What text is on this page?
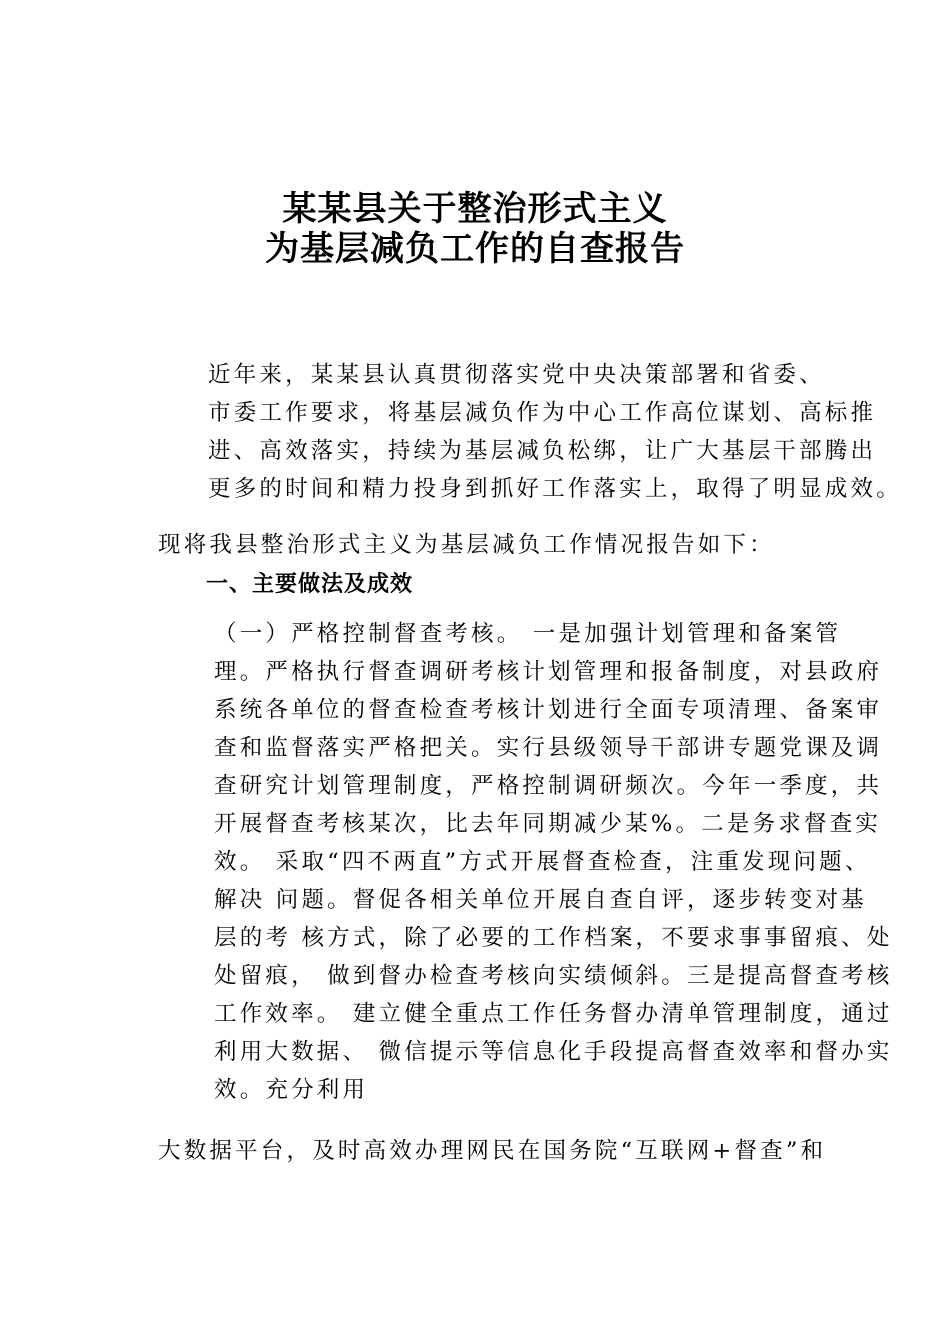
某某县关于整治形式主义
为基层减负工作的自查报告
近年来，某某县认真贯彻落实党中央决策部署和省委、
市委工作要求，将基层减负作为中心工作高位谋划、高标推
进、高效落实，持续为基层减负松绑，让广大基层干部腾出
更多的时间和精力投身到抓好工作落实上，取得了明显成效。
现将我县整治形式主义为基层减负工作情况报告如下：
一、主要做法及成效
（一）严格控制督查考核。 一是加强计划管理和备案管
理。严格执行督查调研考核计划管理和报备制度，对县政府
系统各单位的督查检查考核计划进行全面专项清理、备案审
查和监督落实严格把关。实行县级领导干部讲专题党课及调
查研究计划管理制度，严格控制调研频次。今年一季度，共
开展督查考核某次，比去年同期减少某%。二是务求督查实
效。 采取“四不两直”方式开展督查检查，注重发现问题、
解决 问题。督促各相关单位开展自查自评，逐步转变对基
层的考 核方式，除了必要的工作档案，不要求事事留痕、处
处留痕， 做到督办检查考核向实绩倾斜。三是提高督查考核
工作效率。 建立健全重点工作任务督办清单管理制度，通过
利用大数据、 微信提示等信息化手段提高督查效率和督办实
效。充分利用
大数据平台，及时高效办理网民在国务院“互联网+督查”和
